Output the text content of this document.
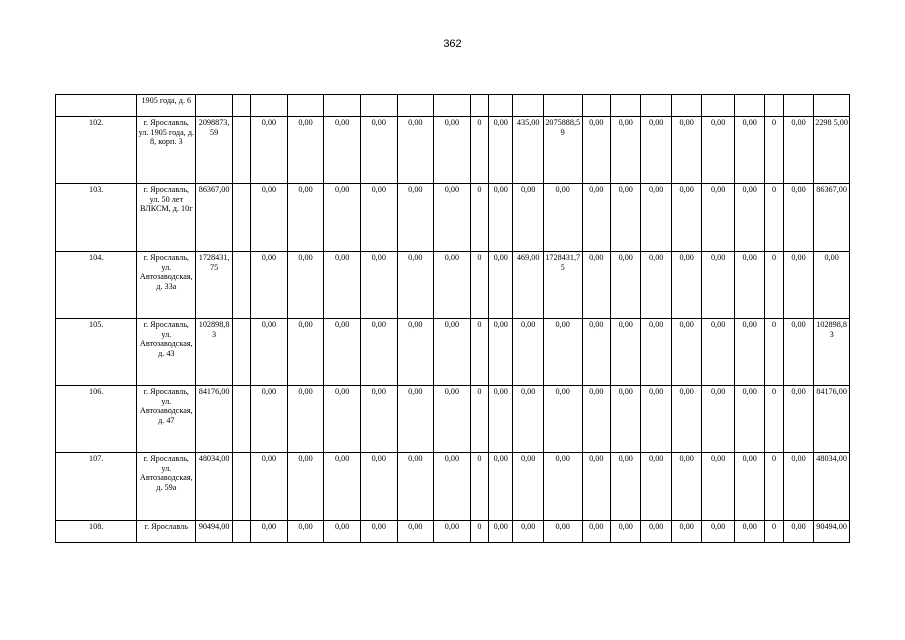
362
	1905 года, д. 6																					
102.	г. Ярославль, ул. 1905 года, д. 8, корп. 3	2098873,59		0,00	0,00	0,00	0,00	0,00	0,00	0	0,00	435,00	2075888,59	0,00	0,00	0,00	0,00	0,00	0,00	0	0,00	2298 5,00
103.	г. Ярославль, ул. 50 лет ВЛКСМ, д. 10г	86367,00		0,00	0,00	0,00	0,00	0,00	0,00	0	0,00	0,00	0,00	0,00	0,00	0,00	0,00	0,00	0,00	0	0,00	86367,00
104.	г. Ярославль, ул. Автозаводская, д. 33а	1728431,75		0,00	0,00	0,00	0,00	0,00	0,00	0	0,00	469,00	1728431,75	0,00	0,00	0,00	0,00	0,00	0,00	0	0,00	0,00
105.	г. Ярославль, ул. Автозаводская, д. 43	102898,83		0,00	0,00	0,00	0,00	0,00	0,00	0	0,00	0,00	0,00	0,00	0,00	0,00	0,00	0,00	0,00	0	0,00	102898,83
106.	г. Ярославль, ул. Автозаводская, д. 47	84176,00		0,00	0,00	0,00	0,00	0,00	0,00	0	0,00	0,00	0,00	0,00	0,00	0,00	0,00	0,00	0,00	0	0,00	84176,00
107.	г. Ярославль, ул. Автозаводская, д. 59а	48034,00		0,00	0,00	0,00	0,00	0,00	0,00	0	0,00	0,00	0,00	0,00	0,00	0,00	0,00	0,00	0,00	0	0,00	48034,00
108.	г. Ярославль	90494,00		0,00	0,00	0,00	0,00	0,00	0,00	0	0,00	0,00	0,00	0,00	0,00	0,00	0,00	0,00	0,00	0	0,00	90494,00
